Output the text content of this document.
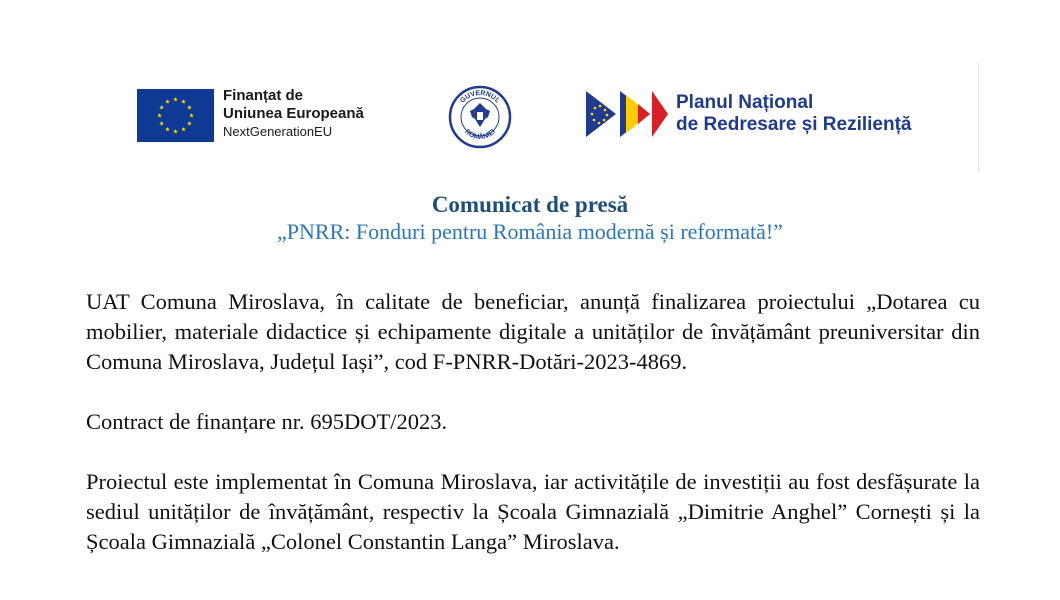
Finanțat de
Uniunea Europeană
NextGenerationEU
GUVERNUL
ROMÂNIEI
Planul Național
de Redresare și Reziliență
Comunicat de presă
„PNRR: Fonduri pentru România modernă și reformată!”
UAT Comuna Miroslava, în calitate de beneficiar, anunță finalizarea proiectului „Dotarea cu mobilier, materiale didactice și echipamente digitale a unităților de învățământ preuniversitar din Comuna Miroslava, Județul Iași”, cod F-PNRR-Dotări-2023-4869.
Contract de finanțare nr. 695DOT/2023.
Proiectul este implementat în Comuna Miroslava, iar activitățile de investiții au fost desfășurate la sediul unităților de învățământ, respectiv la Școala Gimnazială „Dimitrie Anghel” Cornești și la Școala Gimnazială „Colonel Constantin Langa” Miroslava.
